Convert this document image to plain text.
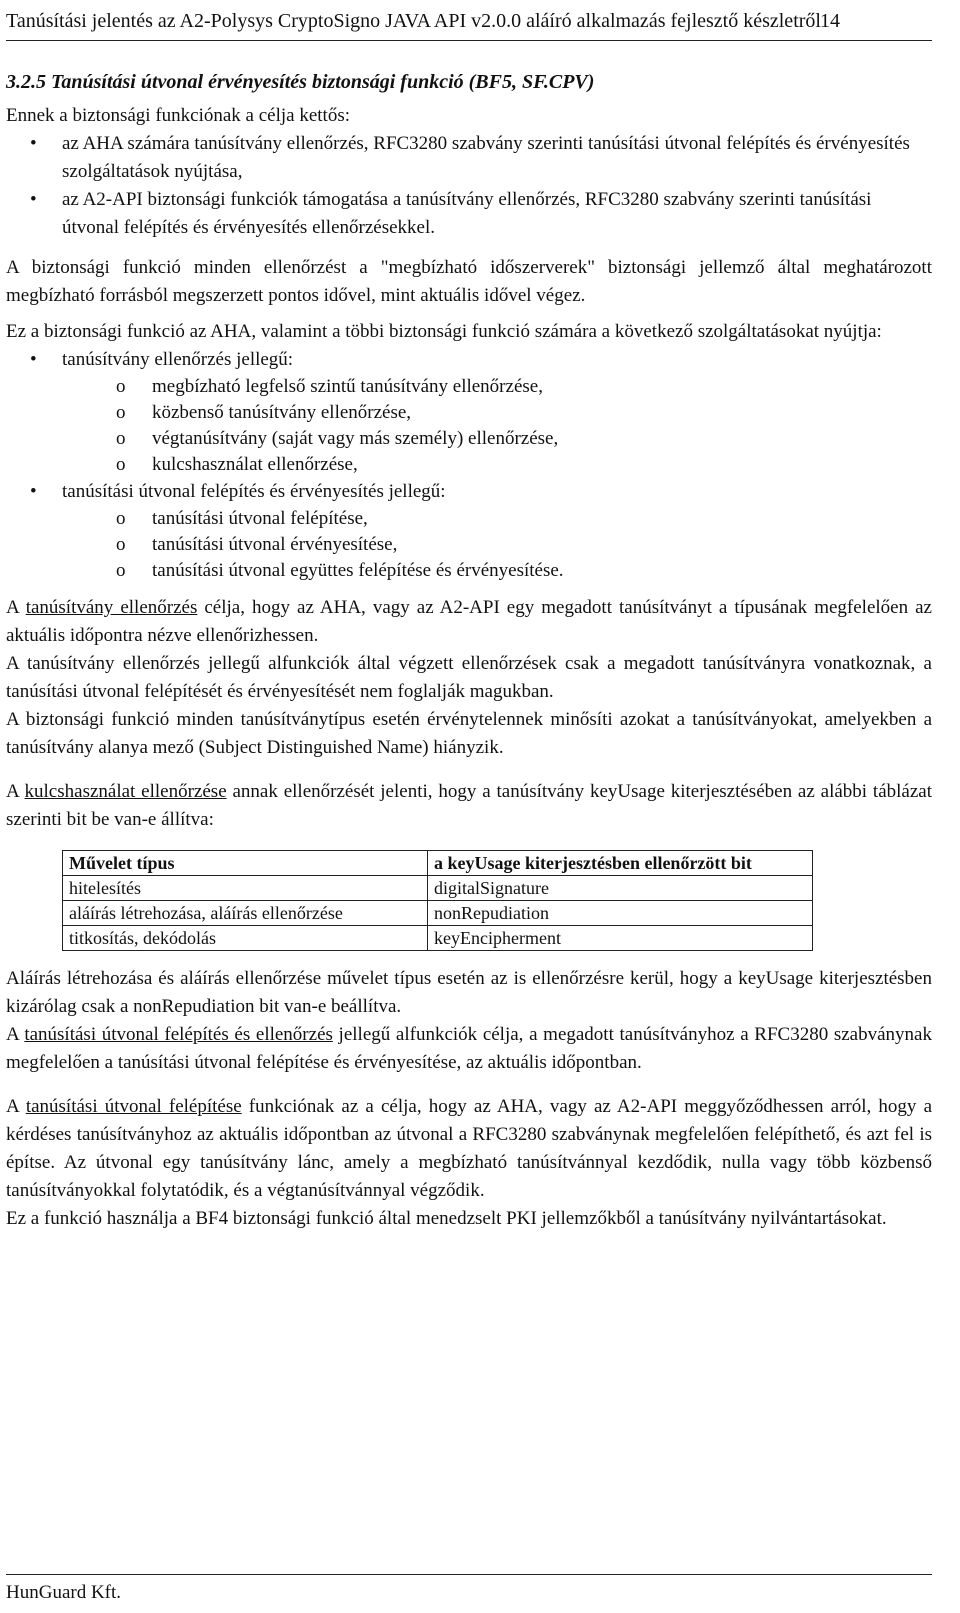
Tanúsítási jelentés az A2-Polysys CryptoSigno JAVA API v2.0.0 aláíró alkalmazás fejlesztő készletről 14
3.2.5 Tanúsítási útvonal érvényesítés biztonsági funkció (BF5, SF.CPV)

Ennek a biztonsági funkciónak a célja kettős:

• az AHA számára tanúsítvány ellenőrzés, RFC3280 szabvány szerinti tanúsítási útvonal felépítés és érvényesítés szolgáltatások nyújtása,
• az A2-API biztonsági funkciók támogatása a tanúsítvány ellenőrzés, RFC3280 szabvány szerinti tanúsítási útvonal felépítés és érvényesítés ellenőrzésekkel.

A biztonsági funkció minden ellenőrzést a "megbízható időszerverek" biztonsági jellemző által meghatározott megbízható forrásból megszerzett pontos idővel, mint aktuális idővel végez.

Ez a biztonsági funkció az AHA, valamint a többi biztonsági funkció számára a következő szolgáltatásokat nyújtja:

• tanúsítvány ellenőrzés jellegű:
o megbízható legfelső szintű tanúsítvány ellenőrzése,
o közbenső tanúsítvány ellenőrzése,
o végtanúsítvány (saját vagy más személy) ellenőrzése,
o kulcshasználat ellenőrzése,
• tanúsítási útvonal felépítés és érvényesítés jellegű:
o tanúsítási útvonal felépítése,
o tanúsítási útvonal érvényesítése,
o tanúsítási útvonal együttes felépítése és érvényesítése.

A tanúsítvány ellenőrzés célja, hogy az AHA, vagy az A2-API egy megadott tanúsítványt a típusának megfelelően az aktuális időpontra nézve ellenőrizhessen.

A tanúsítvány ellenőrzés jellegű alfunkciók által végzett ellenőrzések csak a megadott tanúsítványra vonatkoznak, a tanúsítási útvonal felépítését és érvényesítését nem foglalják magukban.

A biztonsági funkció minden tanúsítványtípus esetén érvénytelennek minősíti azokat a tanúsítványokat, amelyekben a tanúsítvány alanya mező (Subject Distinguished Name) hiányzik.

A kulcshasználat ellenőrzése annak ellenőrzését jelenti, hogy a tanúsítvány keyUsage kiterjesztésében az alábbi táblázat szerinti bit be van-e állítva:

Művelet típus	a keyUsage kiterjesztésben ellenőrzött bit
hitelesítés	digitalSignature
aláírás létrehozása, aláírás ellenőrzése	nonRepudiation
titkosítás, dekódolás	keyEncipherment

Aláírás létrehozása és aláírás ellenőrzése művelet típus esetén az is ellenőrzésre kerül, hogy a keyUsage kiterjesztésben kizárólag csak a nonRepudiation bit van-e beállítva.

A tanúsítási útvonal felépítés és ellenőrzés jellegű alfunkciók célja, a megadott tanúsítványhoz a RFC3280 szabványnak megfelelően a tanúsítási útvonal felépítése és érvényesítése, az aktuális időpontban.

A tanúsítási útvonal felépítése funkciónak az a célja, hogy az AHA, vagy az A2-API meggyőződhessen arról, hogy a kérdéses tanúsítványhoz az aktuális időpontban az útvonal a RFC3280 szabványnak megfelelően felépíthető, és azt fel is építse. Az útvonal egy tanúsítvány lánc, amely a megbízható tanúsítvánnyal kezdődik, nulla vagy több közbenső tanúsítványokkal folytatódik, és a végtanúsítvánnyal végződik.

Ez a funkció használja a BF4 biztonsági funkció által menedzselt PKI jellemzőkből a tanúsítvány nyilvántartásokat.

HunGuard Kft.
